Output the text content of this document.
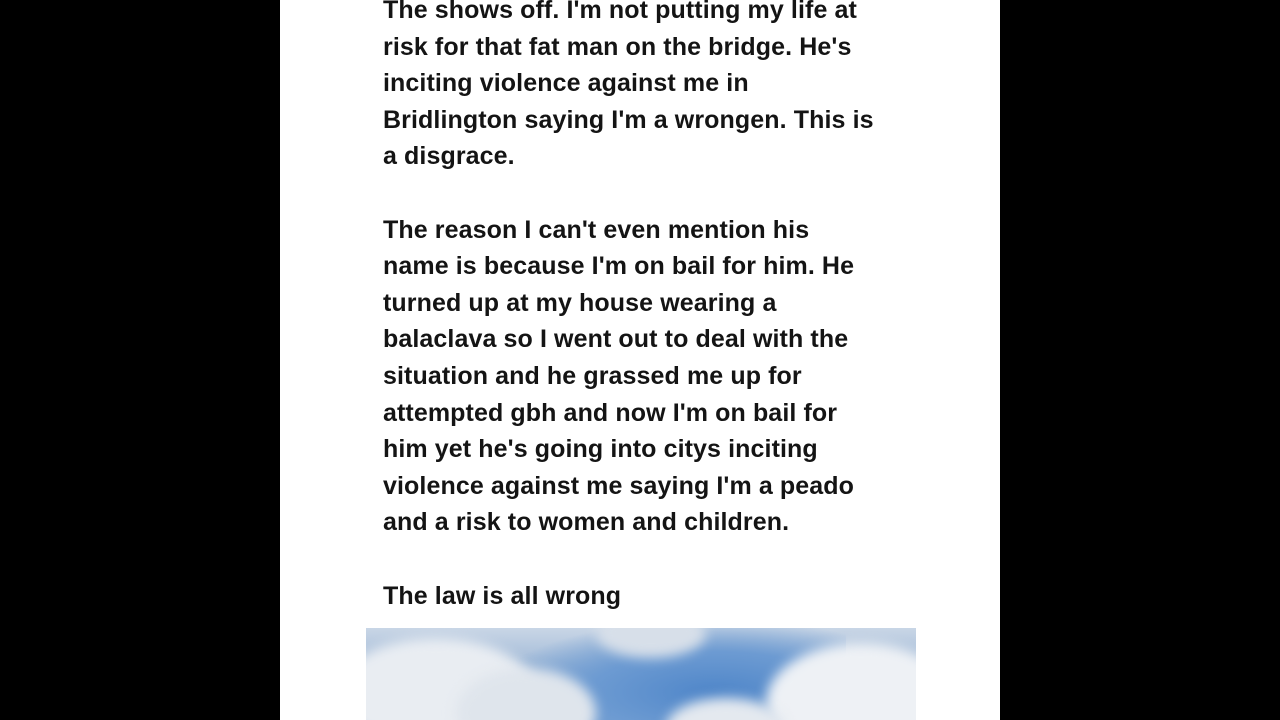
The shows off. I'm not putting my life at
risk for that fat man on the bridge. He's
inciting violence against me in
Bridlington saying I'm a wrongen. This is
a disgrace.
The reason I can't even mention his
name is because I'm on bail for him. He
turned up at my house wearing a
balaclava so I went out to deal with the
situation and he grassed me up for
attempted gbh and now I'm on bail for
him yet he's going into citys inciting
violence against me saying I'm a peado
and a risk to women and children.
The law is all wrong
